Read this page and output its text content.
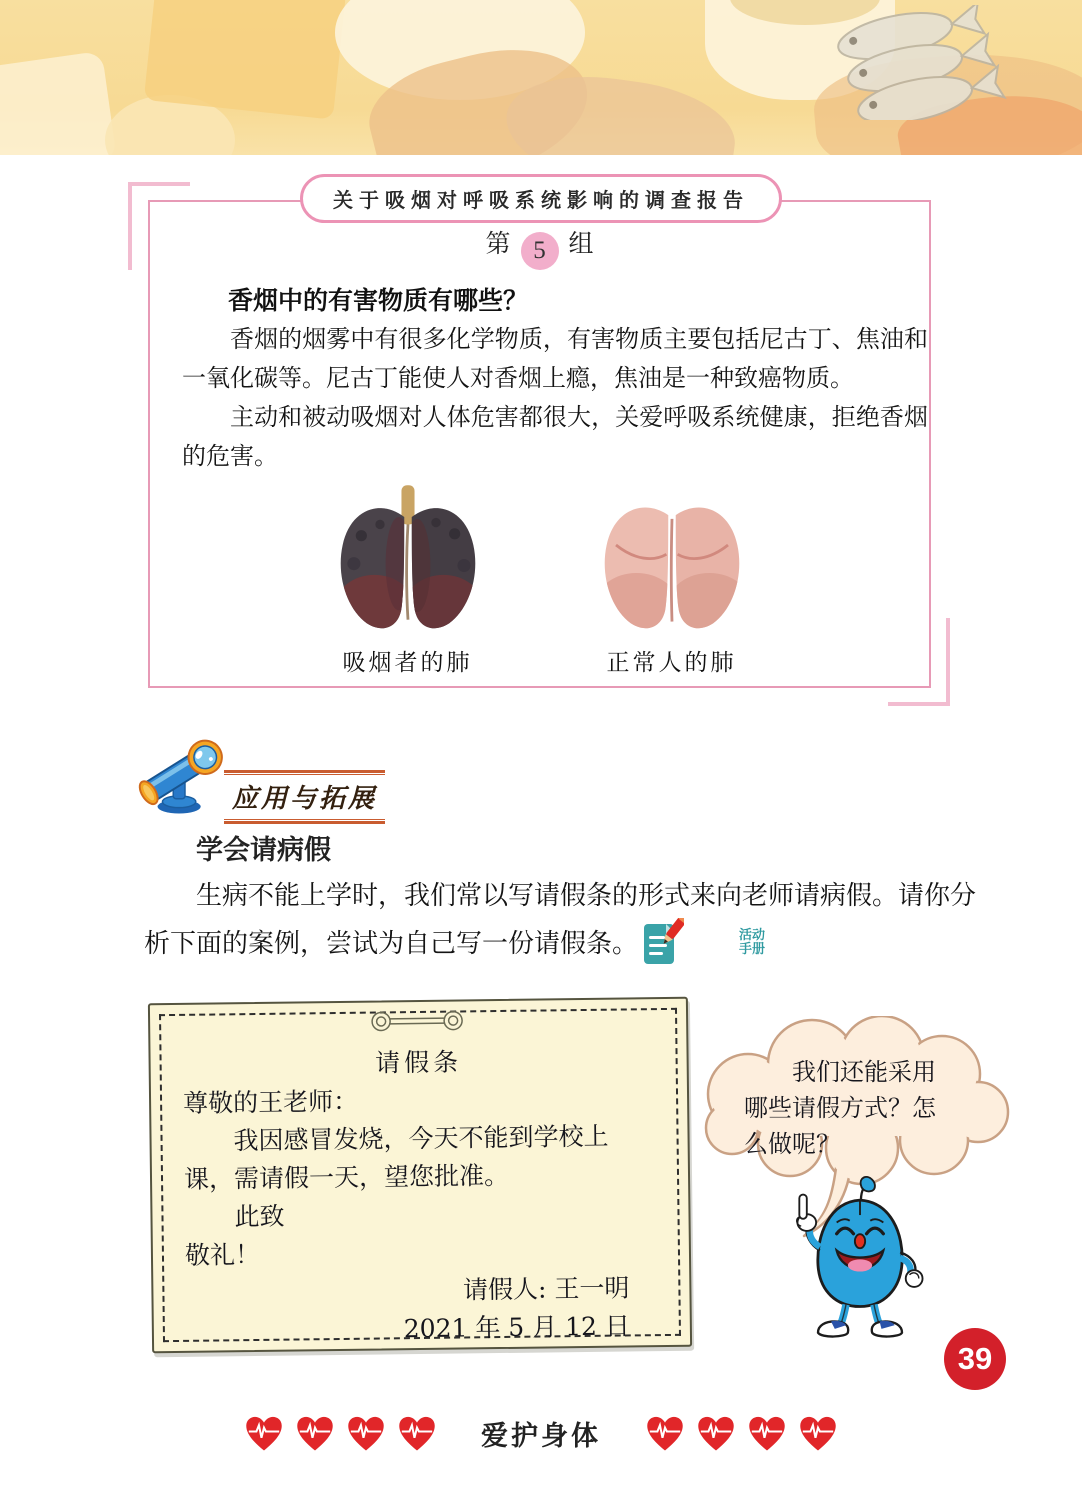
关于吸烟对呼吸系统影响的调查报告
第 5 组
香烟中的有害物质有哪些？
香烟的烟雾中有很多化学物质，有害物质主要包括尼古丁、焦油和一氧化碳等。尼古丁能使人对香烟上瘾，焦油是一种致癌物质。
主动和被动吸烟对人体危害都很大，关爱呼吸系统健康，拒绝香烟的危害。
吸烟者的肺	正常人的肺
应用与拓展
学会请病假
生病不能上学时，我们常以写请假条的形式来向老师请病假。请你分析下面的案例，尝试为自己写一份请假条。	活动
手册
请假条
尊敬的王老师：
我因感冒发烧，今天不能到学校上
课，需请假一天，望您批准。
此致
敬礼！
请假人: 王一明
2021 年 5 月 12 日
我们还能采用哪些请假方式？怎么做呢？
39
爱护身体
